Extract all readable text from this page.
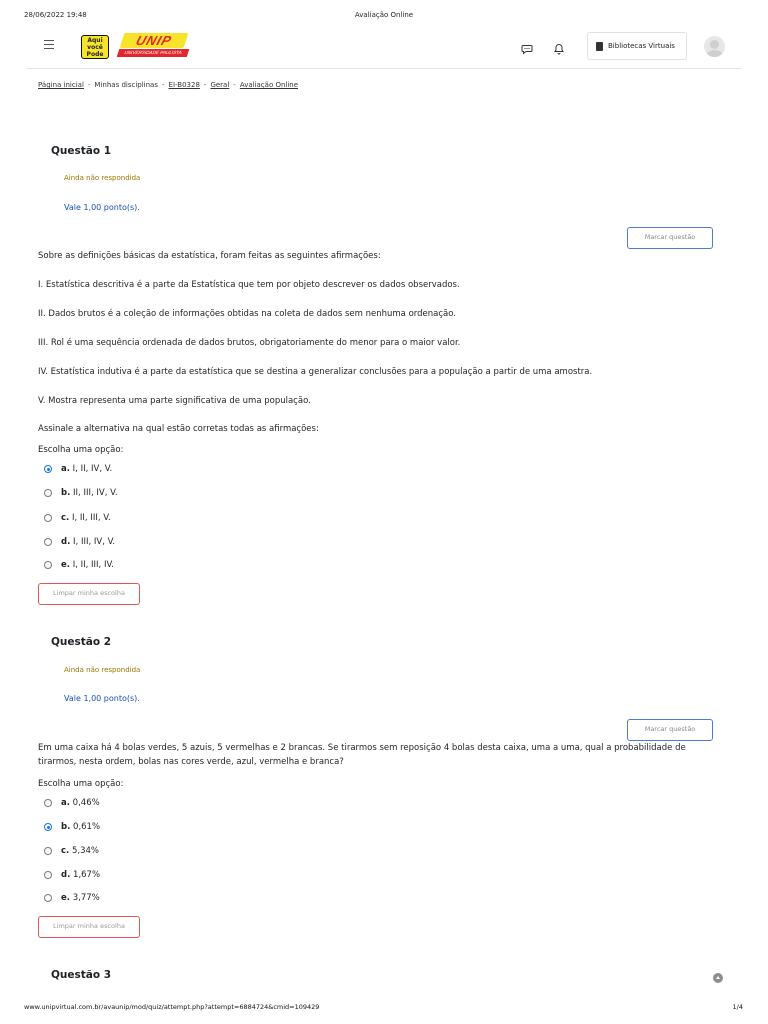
28/06/2022 19:48	Avaliação Online
Aqui
você
Pode
UNIP
UNIVERSIDADE PAULISTA
Bibliotecas Virtuais
Página inicial - Minhas disciplinas - EI-B0328 - Geral - Avaliação Online
Questão 1
Ainda não respondida
Vale 1,00 ponto(s).
Marcar questão
Sobre as definições básicas da estatística, foram feitas as seguintes afirmações:
I. Estatística descritiva é a parte da Estatística que tem por objeto descrever os dados observados.
II. Dados brutos é a coleção de informações obtidas na coleta de dados sem nenhuma ordenação.
III. Rol é uma sequência ordenada de dados brutos, obrigatoriamente do menor para o maior valor.
IV. Estatística indutiva é a parte da estatística que se destina a generalizar conclusões para a população a partir de uma amostra.
V. Mostra representa uma parte significativa de uma população.
Assinale a alternativa na qual estão corretas todas as afirmações:
Escolha uma opção:
a. I, II, IV, V.
b. II, III, IV, V.
c. I, II, III, V.
d. I, III, IV, V.
e. I, II, III, IV.
Limpar minha escolha
Questão 2
Ainda não respondida
Vale 1,00 ponto(s).
Marcar questão
Em uma caixa há 4 bolas verdes, 5 azuis, 5 vermelhas e 2 brancas. Se tirarmos sem reposição 4 bolas desta caixa, uma a uma, qual a probabilidade de tirarmos, nesta ordem, bolas nas cores verde, azul, vermelha e branca?
Escolha uma opção:
a. 0,46%
b. 0,61%
c. 5,34%
d. 1,67%
e. 3,77%
Limpar minha escolha
Questão 3
www.unipvirtual.com.br/avaunip/mod/quiz/attempt.php?attempt=6884724&cmid=109429	1/4
